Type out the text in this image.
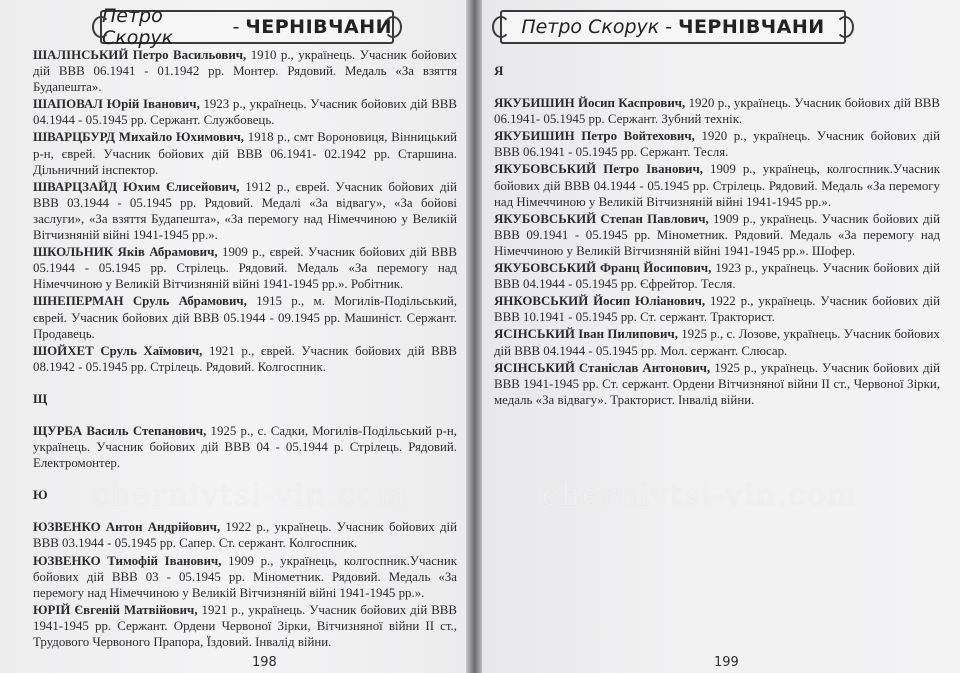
Петро Скорук	- ЧЕРНІВЧАНИ

ШАЛІНСЬКИЙ Петро Васильович, 1910 р., українець. Учасник бойових дій ВВВ 06.1941 - 01.1942 рр. Монтер. Рядовий. Медаль «За взяття Будапешта».

ШАПОВАЛ Юрій Іванович, 1923 р., українець. Учасник бойових дій ВВВ 04.1944 - 05.1945 рр. Сержант. Службовець.

ШВАРЦБУРД Михайло Юхимович, 1918 р., смт Вороновиця, Вінницький р-н, єврей. Учасник бойових дій ВВВ 06.1941- 02.1942 рр. Старшина. Дільничний інспектор.

ШВАРЦЗАЙД Юхим Єлисейович, 1912 р., єврей. Учасник бойових дій ВВВ 03.1944 - 05.1945 рр. Рядовий. Медалі «За відвагу», «За бойові заслуги», «За взяття Будапешта», «За перемогу над Німеччиною у Великій Вітчизняній війні 1941-1945 рр.».

ШКОЛЬНИК Яків Абрамович, 1909 р., єврей. Учасник бойових дій ВВВ 05.1944 - 05.1945 рр. Стрілець. Рядовий. Медаль «За перемогу над Німеччиною у Великій Вітчизняній війні 1941-1945 рр.». Робітник.

ШНЕПЕРМАН Сруль Абрамович, 1915 р., м. Могилів-Подільський, єврей. Учасник бойових дій ВВВ 05.1944 - 09.1945 рр. Машиніст. Сержант. Продавець.

ШОЙХЕТ Сруль Хаїмович, 1921 р., єврей. Учасник бойових дій ВВВ 08.1942 - 05.1945 рр. Стрілець. Рядовий. Колгоспник.

Щ

ЩУРБА Василь Степанович, 1925 р., с. Садки, Могилів-Подільський р-н, українець. Учасник бойових дій ВВВ 04 - 05.1944 р. Стрілець. Рядовий. Електромонтер.

Ю

ЮЗВЕНКО Антон Андрійович, 1922 р., українець. Учасник бойових дій ВВВ 03.1944 - 05.1945 рр. Сапер. Ст. сержант. Колгоспник.

ЮЗВЕНКО Тимофій Іванович, 1909 р., українець, колгоспник.Учасник бойових дій ВВВ 03 - 05.1945 рр. Мінометник. Рядовий. Медаль «За перемогу над Німеччиною у Великій Вітчизняній війні 1941-1945 рр.».

ЮРІЙ Євгеній Матвійович, 1921 р., українець. Учасник бойових дій ВВВ 1941-1945 рр. Сержант. Ордени Червоної Зірки, Вітчизняної війни ІІ ст., Трудового Червоного Прапора, Їздовий. Інвалід війни.

chernivtsi-vin.com
198
Петро Скорук - ЧЕРНІВЧАНИ

Я

ЯКУБИШИН Йосип Каспрович, 1920 р., українець. Учасник бойових дій ВВВ 06.1941- 05.1945 рр. Сержант. Зубний технік.

ЯКУБИШИН Петро Войтехович, 1920 р., українець. Учасник бойових дій ВВВ 06.1941 - 05.1945 рр. Сержант. Тесля.

ЯКУБОВСЬКИЙ Петро Іванович, 1909 р., українець, колгоспник.Учасник бойових дій ВВВ 04.1944 - 05.1945 рр. Стрілець. Рядовий. Медаль «За перемогу над Німеччиною у Великій Вітчизняній війні 1941-1945 рр.».

ЯКУБОВСЬКИЙ Степан Павлович, 1909 р., українець. Учасник бойових дій ВВВ 09.1941 - 05.1945 рр. Мінометник. Рядовий. Медаль «За перемогу над Німеччиною у Великій Вітчизняній війні 1941-1945 рр.». Шофер.

ЯКУБОВСЬКИЙ Франц Йосипович, 1923 р., українець. Учасник бойових дій ВВВ 04.1944 - 05.1945 рр. Єфрейтор. Тесля.

ЯНКОВСЬКИЙ Йосип Юліанович, 1922 р., українець. Учасник бойових дій ВВВ 10.1941 - 05.1945 рр. Ст. сержант. Тракторист.

ЯСІНСЬКИЙ Іван Пилипович, 1925 р., с. Лозове, українець. Учасник бойових дій ВВВ 04.1944 - 05.1945 рр. Мол. сержант. Слюсар.

ЯСІНСЬКИЙ Станіслав Антонович, 1925 р., українець. Учасник бойових дій ВВВ 1941-1945 рр. Ст. сержант. Ордени Вітчизняної війни ІІ ст., Червоної Зірки, медаль «За відвагу». Тракторист. Інвалід війни.

chernivtsi-vin.com
199
